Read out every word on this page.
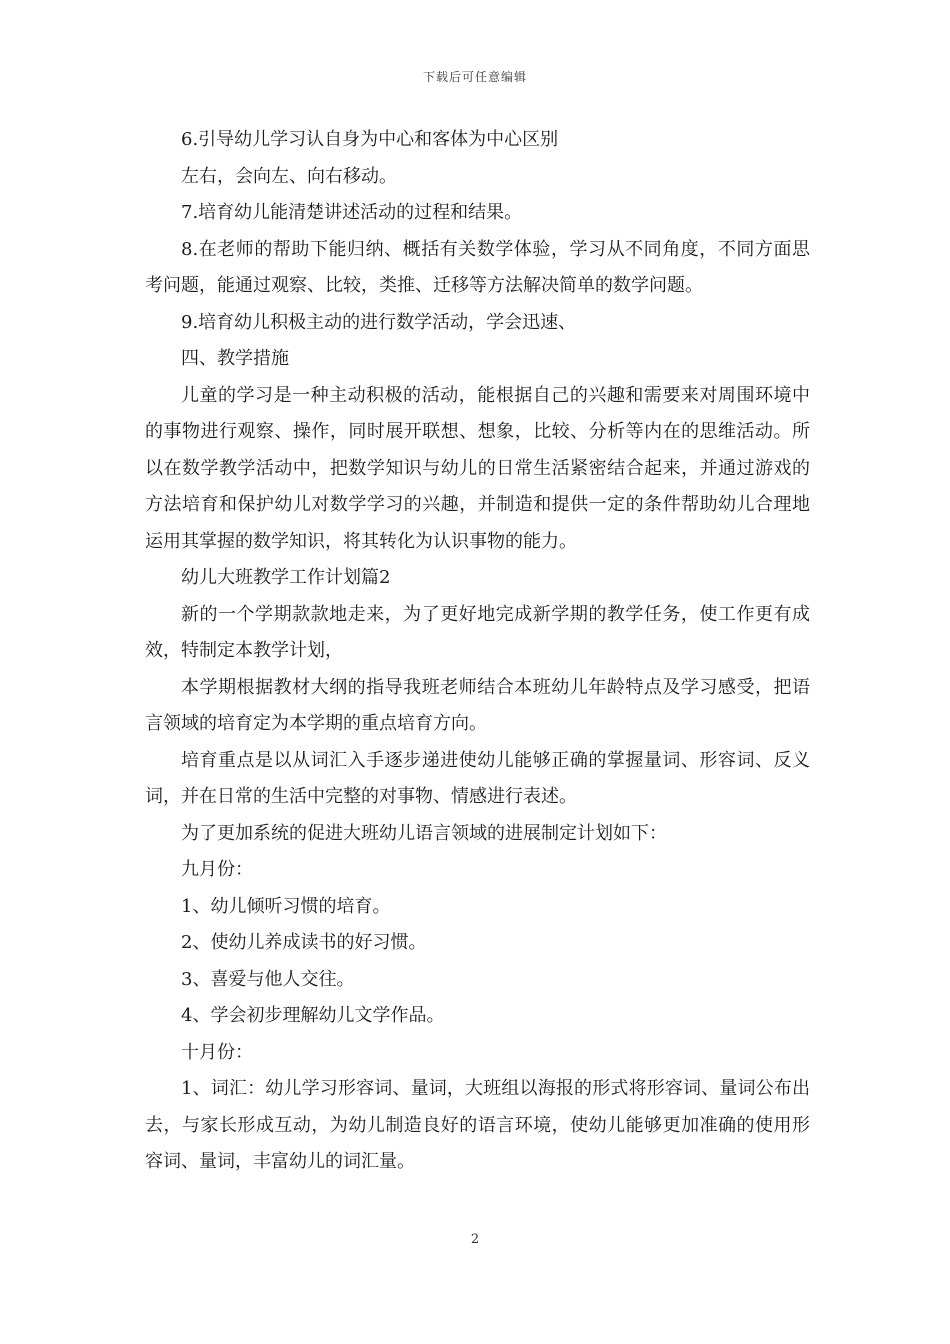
下载后可任意编辑

6.引导幼儿学习认自身为中心和客体为中心区别

左右，会向左、向右移动。

7.培育幼儿能清楚讲述活动的过程和结果。

8.在老师的帮助下能归纳、概括有关数学体验，学习从不同角度，不同方面思考问题，能通过观察、比较，类推、迁移等方法解决简单的数学问题。

9.培育幼儿积极主动的进行数学活动，学会迅速、

四、教学措施

儿童的学习是一种主动积极的活动，能根据自己的兴趣和需要来对周围环境中的事物进行观察、操作，同时展开联想、想象，比较、分析等内在的思维活动。所以在数学教学活动中，把数学知识与幼儿的日常生活紧密结合起来，并通过游戏的方法培育和保护幼儿对数学学习的兴趣，并制造和提供一定的条件帮助幼儿合理地运用其掌握的数学知识，将其转化为认识事物的能力。

幼儿大班教学工作计划篇2

新的一个学期款款地走来，为了更好地完成新学期的教学任务，使工作更有成效，特制定本教学计划，

本学期根据教材大纲的指导我班老师结合本班幼儿年龄特点及学习感受，把语言领域的培育定为本学期的重点培育方向。

培育重点是以从词汇入手逐步递进使幼儿能够正确的掌握量词、形容词、反义词，并在日常的生活中完整的对事物、情感进行表述。

为了更加系统的促进大班幼儿语言领域的进展制定计划如下：

九月份：

1、幼儿倾听习惯的培育。

2、使幼儿养成读书的好习惯。

3、喜爱与他人交往。

4、学会初步理解幼儿文学作品。

十月份：

1、词汇：幼儿学习形容词、量词，大班组以海报的形式将形容词、量词公布出去，与家长形成互动，为幼儿制造良好的语言环境，使幼儿能够更加准确的使用形容词、量词，丰富幼儿的词汇量。

2
